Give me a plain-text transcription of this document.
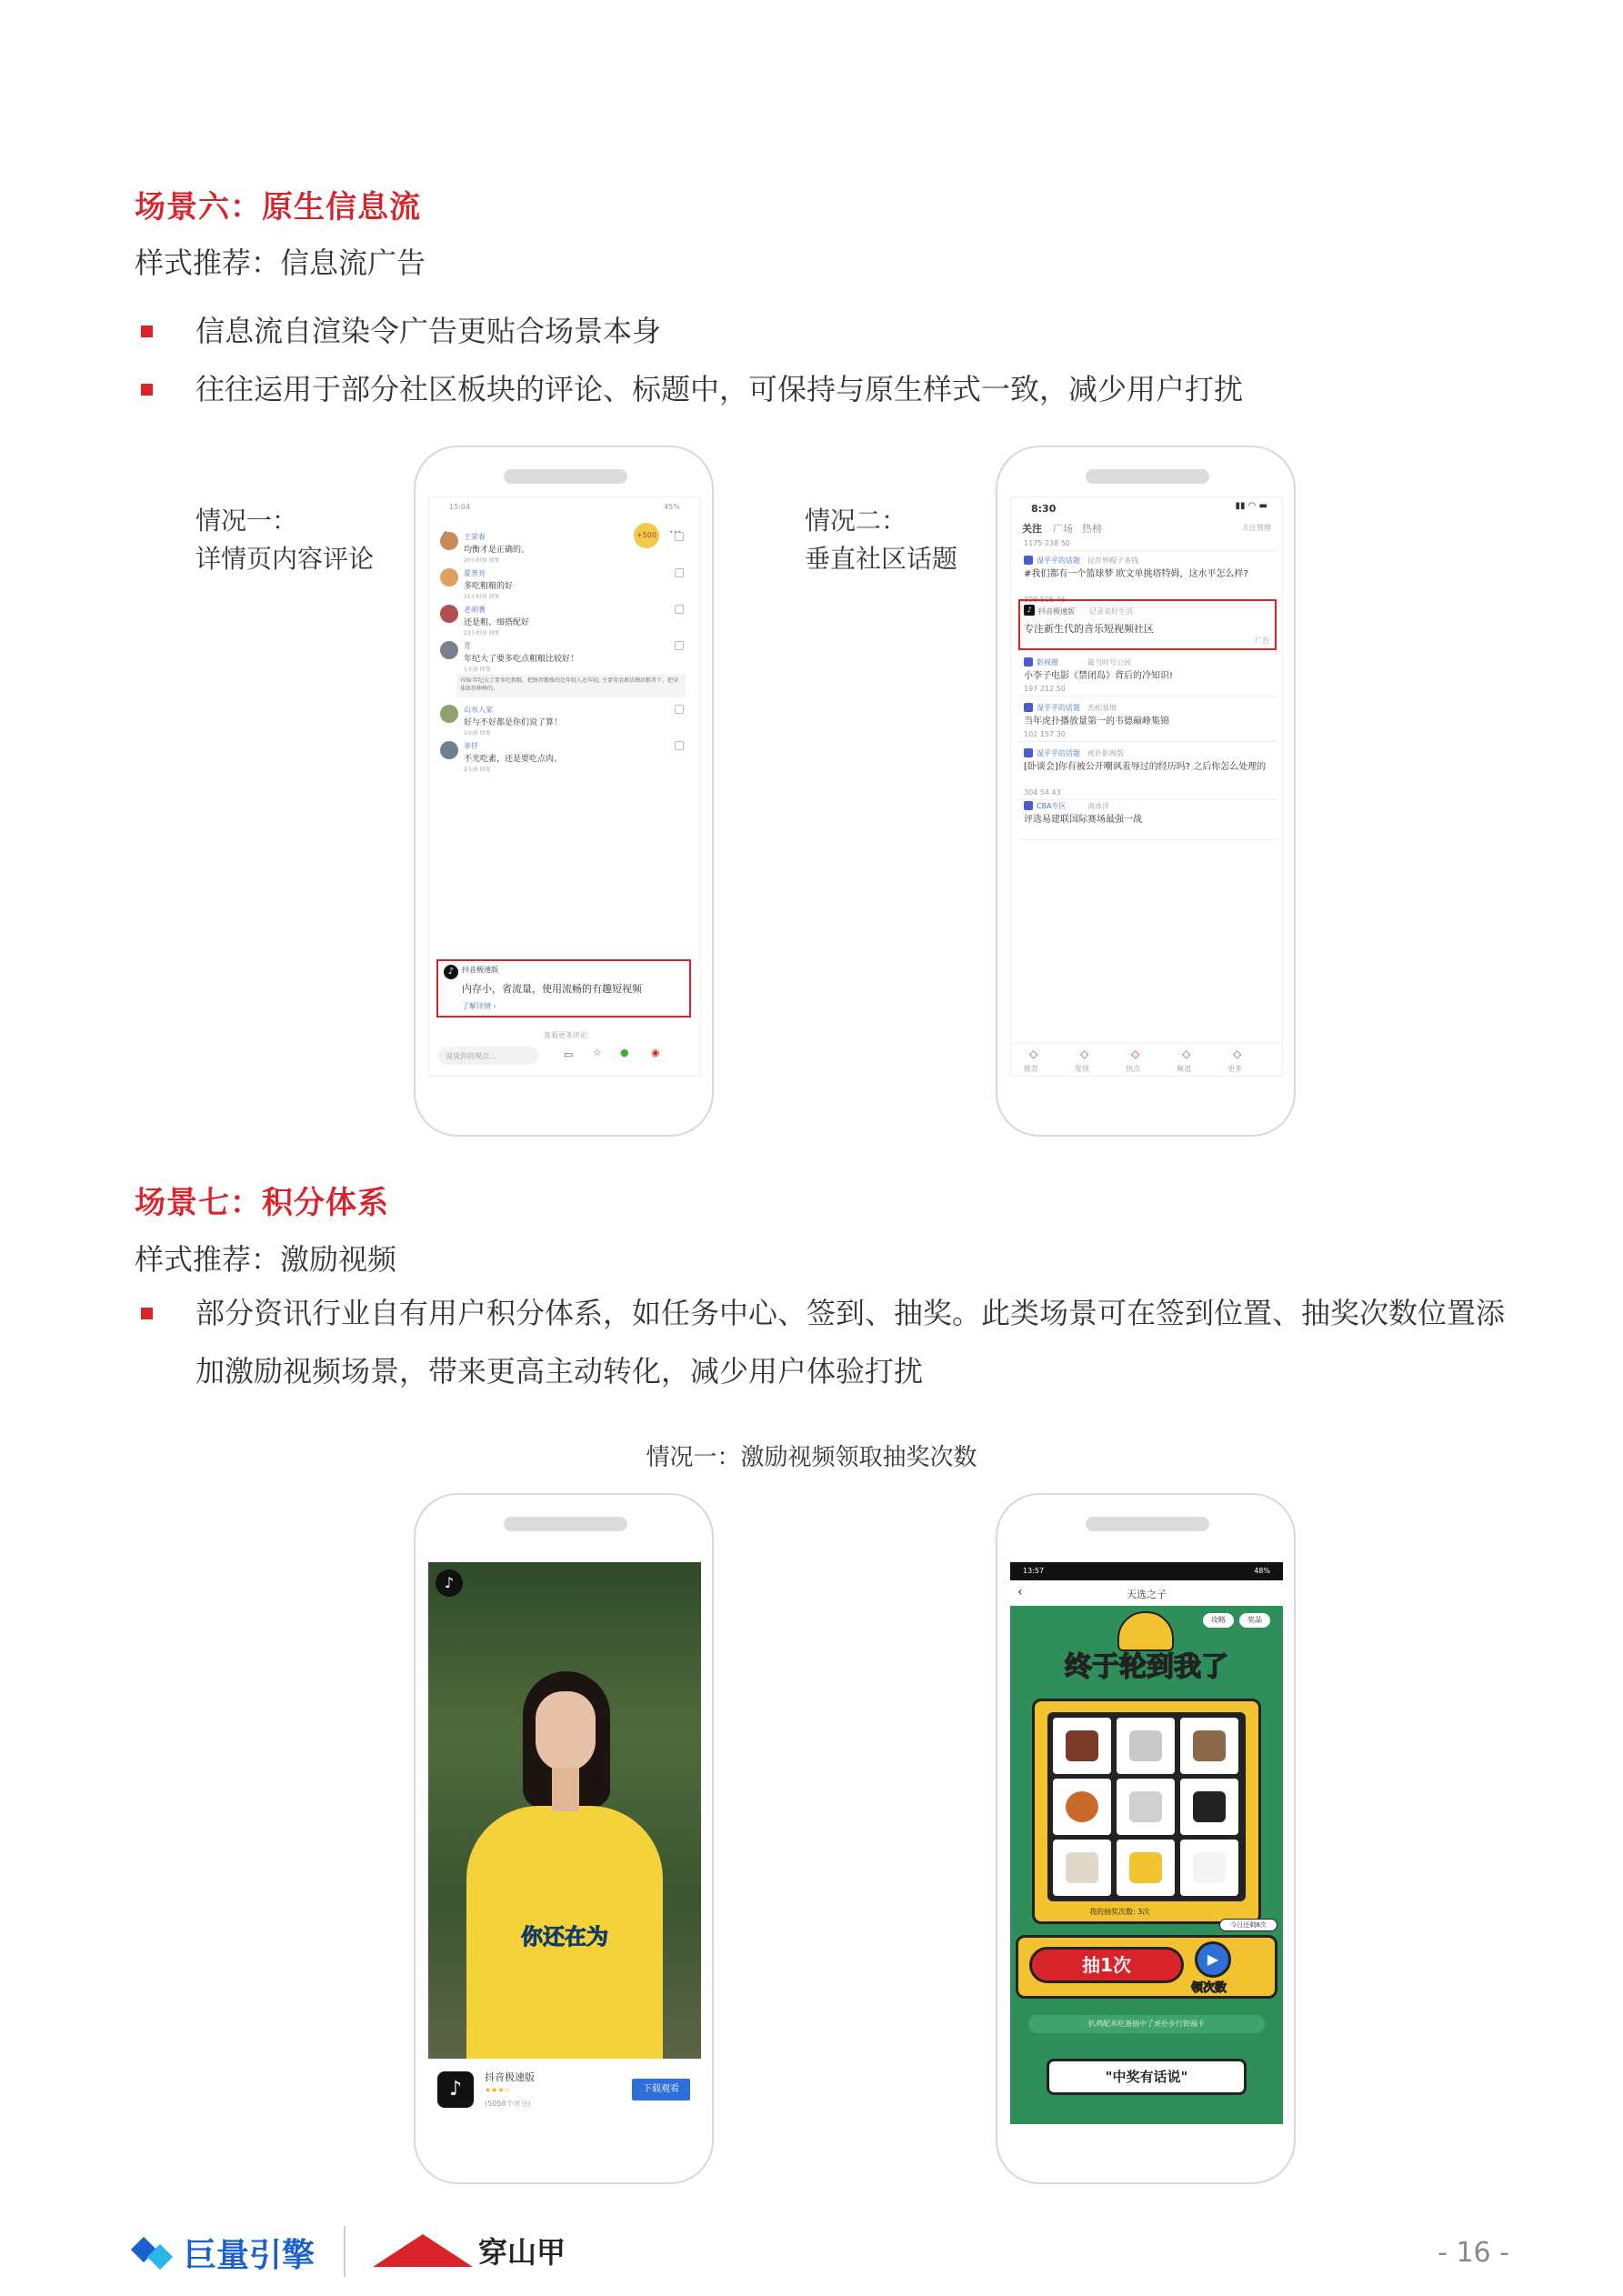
场景六：原生信息流
样式推荐：信息流广告
信息流自渲染令广告更贴合场景本身
往往运用于部分社区板块的评论、标题中，可保持与原生样式一致，减少用户打扰
情况一：
详情页内容评论
情况二：
垂直社区话题
15:04	45%
+500 ⋯
王荣春
均衡才是正确的。
20小时前 回复
夏普亮
多吃粗粮的好
21小时前 回复
老胡蓍
还是粗、细搭配好
23小时前 回复
青
年纪大了要多吃点粗粮比较好！
1天前 回复
容锦:年纪大了要多吃粗粮。把肠胃锻炼的比年轻人还年轻; 主要营活素法额活粮者干，把身体练得棒棒的。
山水人家
好与不好都是你们说了算！
1天前 回复
菲钎
不光吃素，还是要吃点肉。
2天前 回复
♪	抖音极速版
内存小，省流量，使用流畅的有趣短视频
了解详情 ›
查看更多评论
说说你的观点...	▭ ☆ ● ◉
8:30	▮▮ ◠ ▬
关注 广场 热榜	关注管理
1175 238 50
湿乎乎的话题 昆世界帽子多钱
#我们都有一个篮球梦 欧文单挑塔特姆，这水平怎么样?
398 505 46
影视圈	最当时号公园
小李子电影《禁闭岛》背后的冷知识!
197 212 50
湿乎乎的话题 杰松基地
当年虎扑播放量第一的韦德巅峰集锦
102 157 30
湿乎乎的话题 虎扑影视版
[卧谈会]你有被公开嘲讽羞辱过的经历吗? 之后你怎么处理的
304 54 43
CBA专区	南冰洋
评选易建联国际赛场最强一战
♪ 抖音极速版 记录美好生活
专注新生代的音乐短视频社区
广告
◇
推荐
◇
发现
◇
热点
◇
频道
◇
更多
场景七：积分体系
样式推荐：激励视频
部分资讯行业自有用户积分体系，如任务中心、签到、抽奖。此类场景可在签到位置、抽奖次数位置添
加激励视频场景，带来更高主动转化，减少用户体验打扰
情况一：激励视频领取抽奖次数
♪
你还在为
♪
抖音极速版
★★★☆
(5058个评分)
下载观看
13:57	48%
‹	天选之子
攻略	奖品
终于轮到我了
我的抽奖次数: 3次
今日还剩8次
抽1次	▶
领次数
扒鸡配米吃备抽中了虎扑步行街福卡
"中奖有话说"
巨量引擎	穿山甲	- 16 -
